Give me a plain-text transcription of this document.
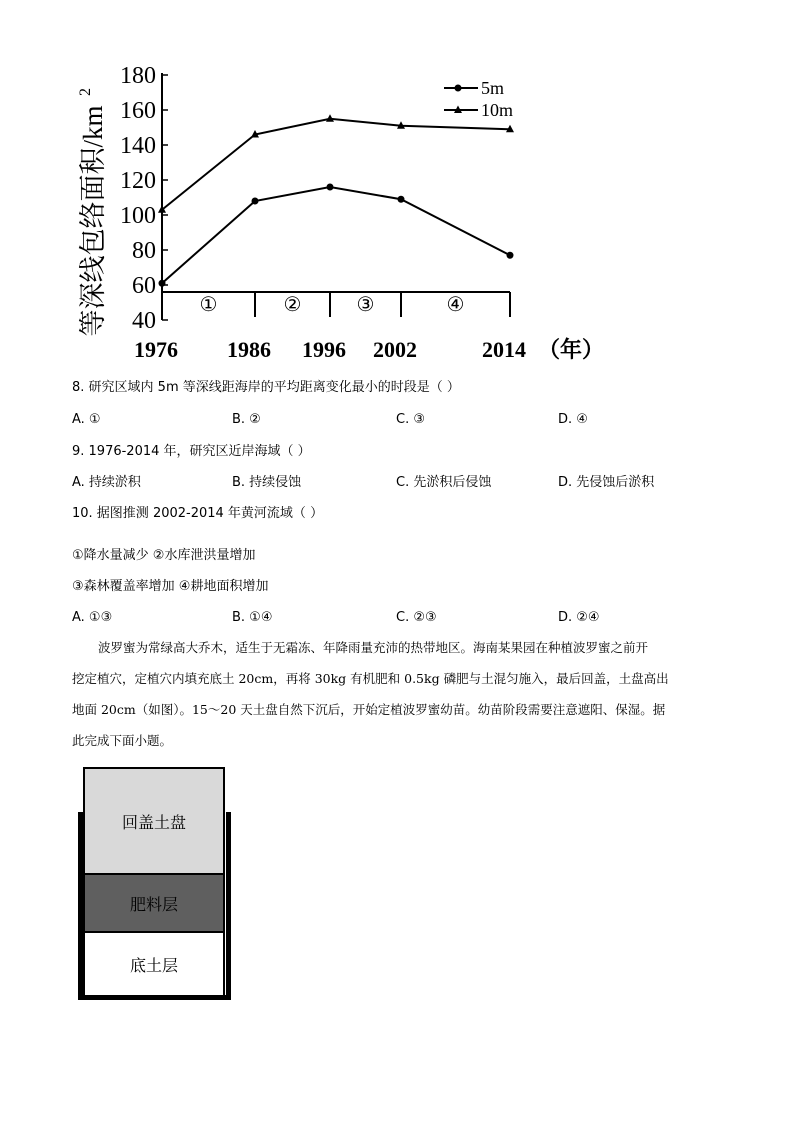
等深线包络面积/km
2
180
160
140
120
100
80
60
40
1976 1986 1996 2002	2014
①	②	③	④
5m
10m
（年）
8. 研究区域内 5m 等深线距海岸的平均距离变化最小的时段是（ ）
A. ①	B. ②	C. ③	D. ④
9. 1976-2014 年，研究区近岸海域（ ）
A. 持续淤积	B. 持续侵蚀	C. 先淤积后侵蚀	D. 先侵蚀后淤积
10. 据图推测 2002-2014 年黄河流域（ ）
①降水量减少 ②水库泄洪量增加
③森林覆盖率增加 ④耕地面积增加
A. ①③	B. ①④	C. ②③	D. ②④
波罗蜜为常绿高大乔木，适生于无霜冻、年降雨量充沛的热带地区。海南某果园在种植波罗蜜之前开
挖定植穴，定植穴内填充底土 20cm，再将 30kg 有机肥和 0.5kg 磷肥与土混匀施入，最后回盖，土盘高出
地面 20cm（如图）。15～20 天土盘自然下沉后，开始定植波罗蜜幼苗。幼苗阶段需要注意遮阳、保湿。据
此完成下面小题。
回盖土盘
肥料层
底土层
